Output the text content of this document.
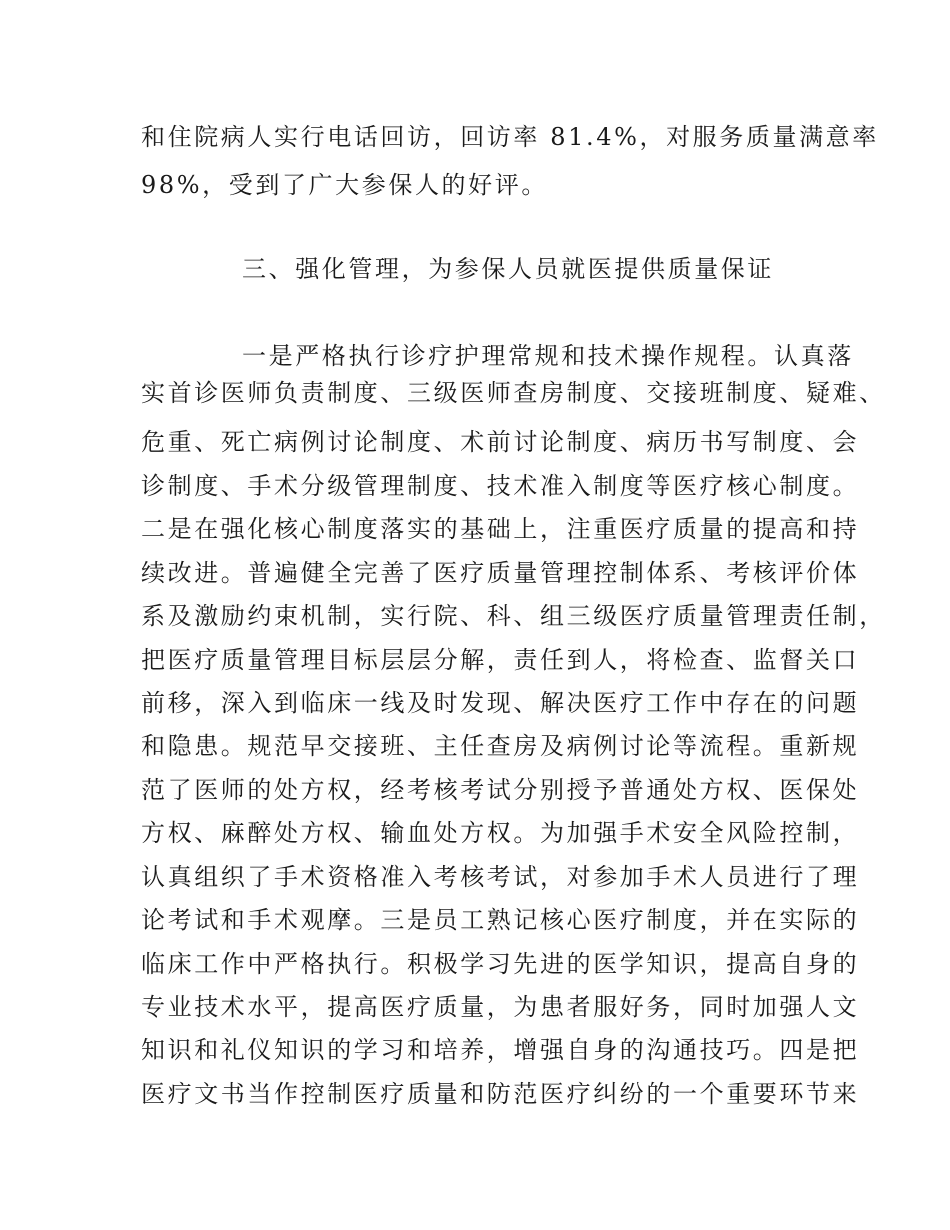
和住院病人实行电话回访，回访率 81.4%，对服务质量满意率
98%，受到了广大参保人的好评。
三、强化管理，为参保人员就医提供质量保证
一是严格执行诊疗护理常规和技术操作规程。认真落
实首诊医师负责制度、三级医师查房制度、交接班制度、疑难、
危重、死亡病例讨论制度、术前讨论制度、病历书写制度、会
诊制度、手术分级管理制度、技术准入制度等医疗核心制度。
二是在强化核心制度落实的基础上，注重医疗质量的提高和持
续改进。普遍健全完善了医疗质量管理控制体系、考核评价体
系及激励约束机制，实行院、科、组三级医疗质量管理责任制，
把医疗质量管理目标层层分解，责任到人，将检查、监督关口
前移，深入到临床一线及时发现、解决医疗工作中存在的问题
和隐患。规范早交接班、主任查房及病例讨论等流程。重新规
范了医师的处方权，经考核考试分别授予普通处方权、医保处
方权、麻醉处方权、输血处方权。为加强手术安全风险控制，
认真组织了手术资格准入考核考试，对参加手术人员进行了理
论考试和手术观摩。三是员工熟记核心医疗制度，并在实际的
临床工作中严格执行。积极学习先进的医学知识，提高自身的
专业技术水平，提高医疗质量，为患者服好务，同时加强人文
知识和礼仪知识的学习和培养，增强自身的沟通技巧。四是把
医疗文书当作控制医疗质量和防范医疗纠纷的一个重要环节来
